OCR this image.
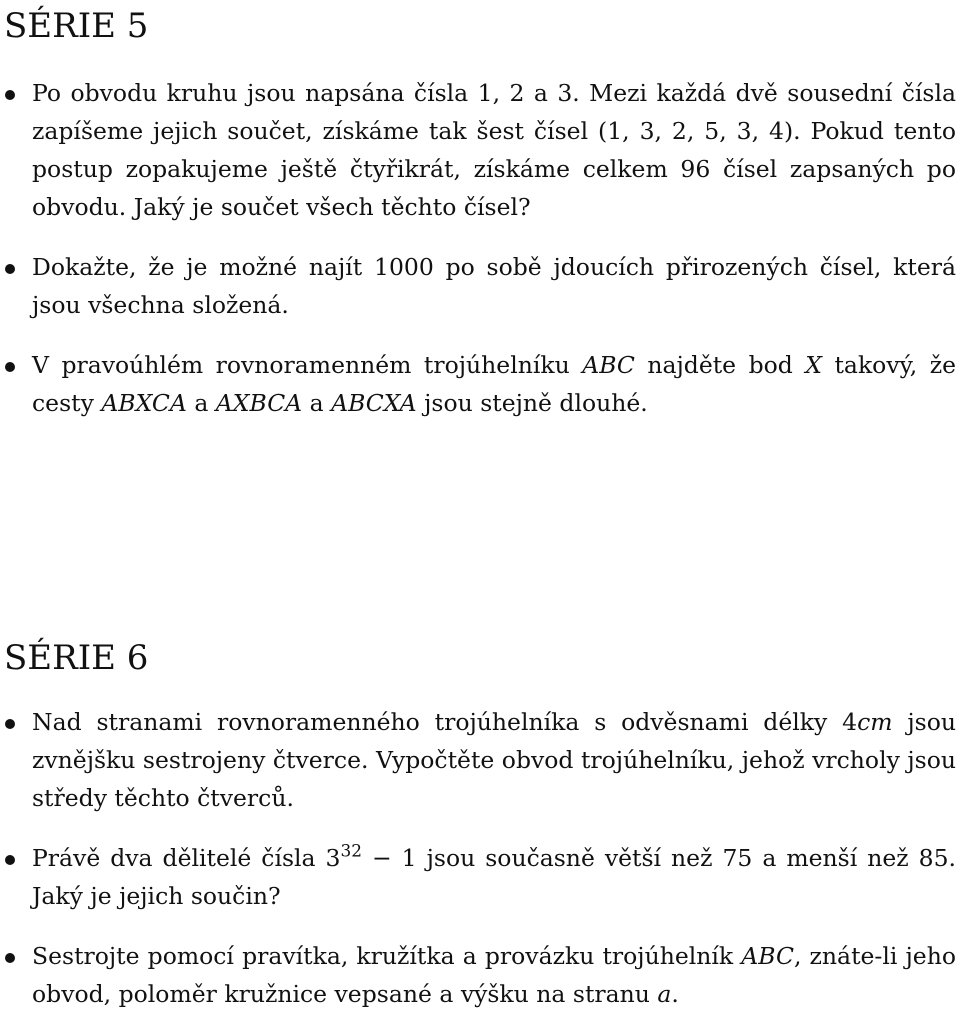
SÉRIE 5
Po obvodu kruhu jsou napsána čísla 1, 2 a 3. Mezi každá dvě sousední čísla zapíšeme jejich součet, získáme tak šest čísel (1, 3, 2, 5, 3, 4). Pokud tento postup zopakujeme ještě čtyřikrát, získáme celkem 96 čísel zapsaných po obvodu. Jaký je součet všech těchto čísel?
Dokažte, že je možné najít 1000 po sobě jdoucích přirozených čísel, která jsou všechna složená.
V pravoúhlém rovnoramenném trojúhelníku ABC najděte bod X takový, že cesty ABXCA a AXBCA a ABCXA jsou stejně dlouhé.
SÉRIE 6
Nad stranami rovnoramenného trojúhelníka s odvěsnami délky 4cm jsou zvnějšku sestrojeny čtverce. Vypočtěte obvod trojúhelníku, jehož vrcholy jsou středy těchto čtverců.
Právě dva dělitelé čísla $3^{32} - 1$ jsou současně větší než 75 a menší než 85. Jaký je jejich součin?
Sestrojte pomocí pravítka, kružítka a provázku trojúhelník ABC, znáte-li jeho obvod, poloměr kružnice vepsané a výšku na stranu a.
